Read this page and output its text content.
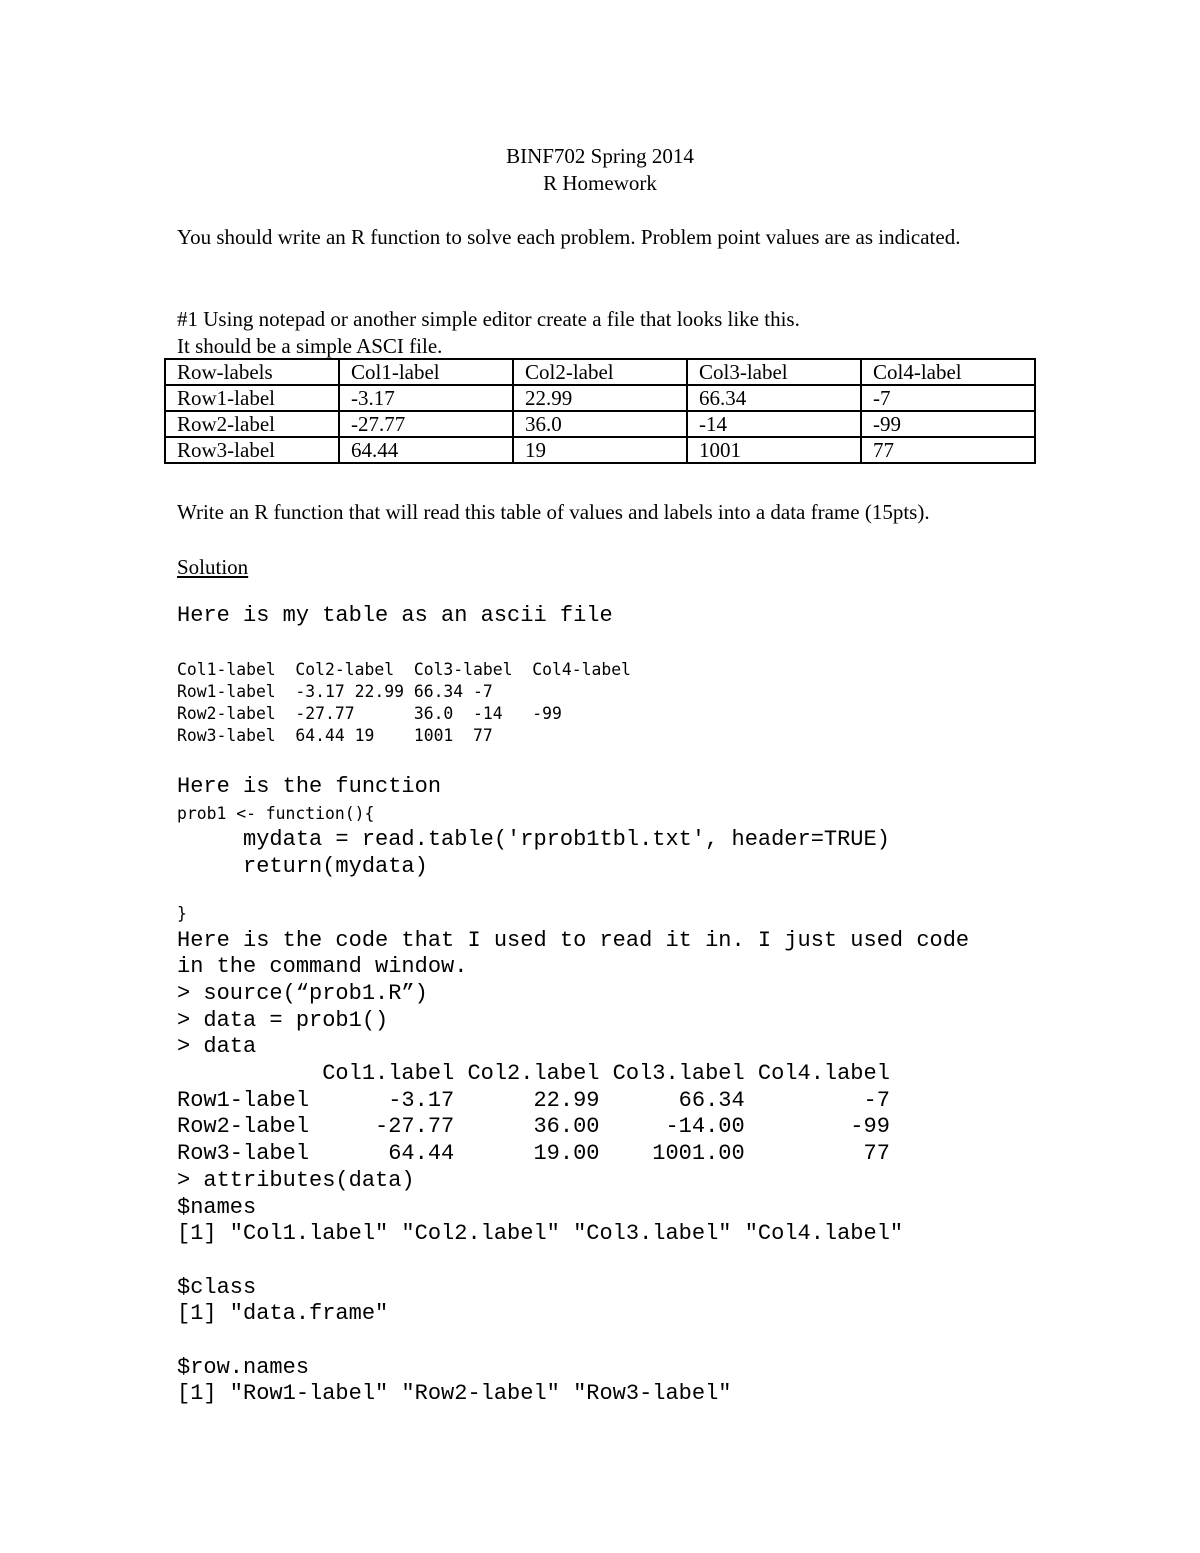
BINF702 Spring 2014
R Homework
You should write an R function to solve each problem. Problem point values are as indicated.
#1 Using notepad or another simple editor create a file that looks like this.
It should be a simple ASCI file.
Row-labels	Col1-label	Col2-label	Col3-label	Col4-label
Row1-label	-3.17	22.99	66.34	-7
Row2-label	-27.77	36.0	-14	-99
Row3-label	64.44	19	1001	77
Write an R function that will read this table of values and labels into a data frame (15pts).
Solution
Here is my table as an ascii file
Col1-label  Col2-label  Col3-label  Col4-label
Row1-label  -3.17 22.99 66.34 -7
Row2-label  -27.77      36.0  -14   -99
Row3-label  64.44 19    1001  77
Here is the function
prob1 <- function(){
mydata = read.table('rprob1tbl.txt', header=TRUE)
return(mydata)
}
Here is the code that I used to read it in. I just used code
in the command window.
> source(“prob1.R”)
> data = prob1()
> data
Col1.label Col2.label Col3.label Col4.label
Row1-label      -3.17      22.99      66.34         -7
Row2-label     -27.77      36.00     -14.00        -99
Row3-label      64.44      19.00    1001.00         77
> attributes(data)
$names
[1] "Col1.label" "Col2.label" "Col3.label" "Col4.label"

$class
[1] "data.frame"

$row.names
[1] "Row1-label" "Row2-label" "Row3-label"
